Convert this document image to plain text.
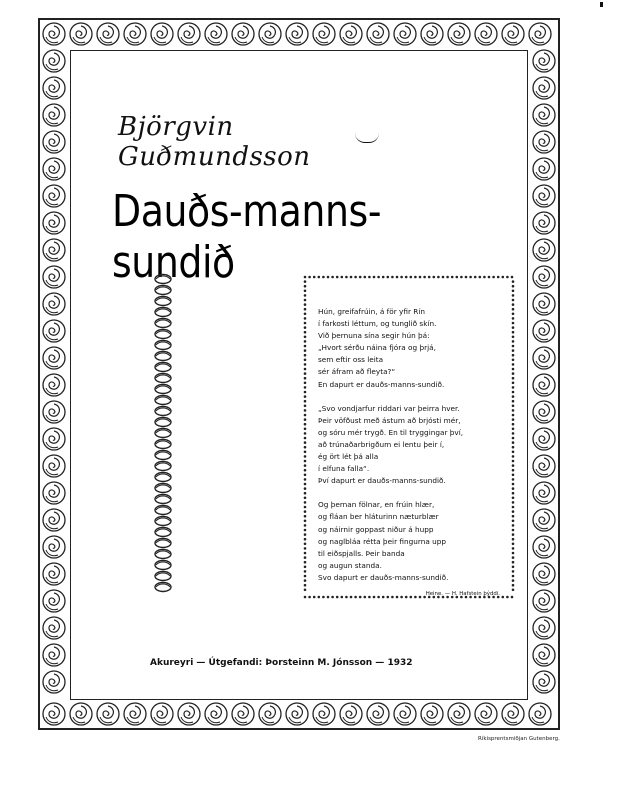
Björgvin Guðmundsson
Dauðs-manns-sundið
Hún, greifafrúin, á för yfir Rín
í farkosti léttum, og tunglið skín.
Við þernuna sína segir hún þá:
„Hvort sérðu náina fjóra og þrjá,
sem eftir oss leita
sér áfram að fleyta?“
En dapurt er dauðs-manns-sundið.
„Svo vondjarfur riddari var þeirra hver.
Þeir vöfðust með ástum að brjósti mér,
og sóru mér trygð. En til tryggingar því,
að trúnaðarbrigðum ei lentu þeir í,
ég ört lét þá alla
í elfuna falla“.
Því dapurt er dauðs-manns-sundið.
Og þernan fölnar, en frúin hlær,
og fláan ber hláturinn næturblær
og náirnir goppast niður á hupp
og naglbláa rétta þeir fingurna upp
til eiðspjalls. Þeir banda
og augun standa.
Svo dapurt er dauðs-manns-sundið.
Heine. — H. Hafstein þýddi.
Akureyri — Útgefandi: Þorsteinn M. Jónsson — 1932
Ríkisprentsmiðjan Gutenberg.
